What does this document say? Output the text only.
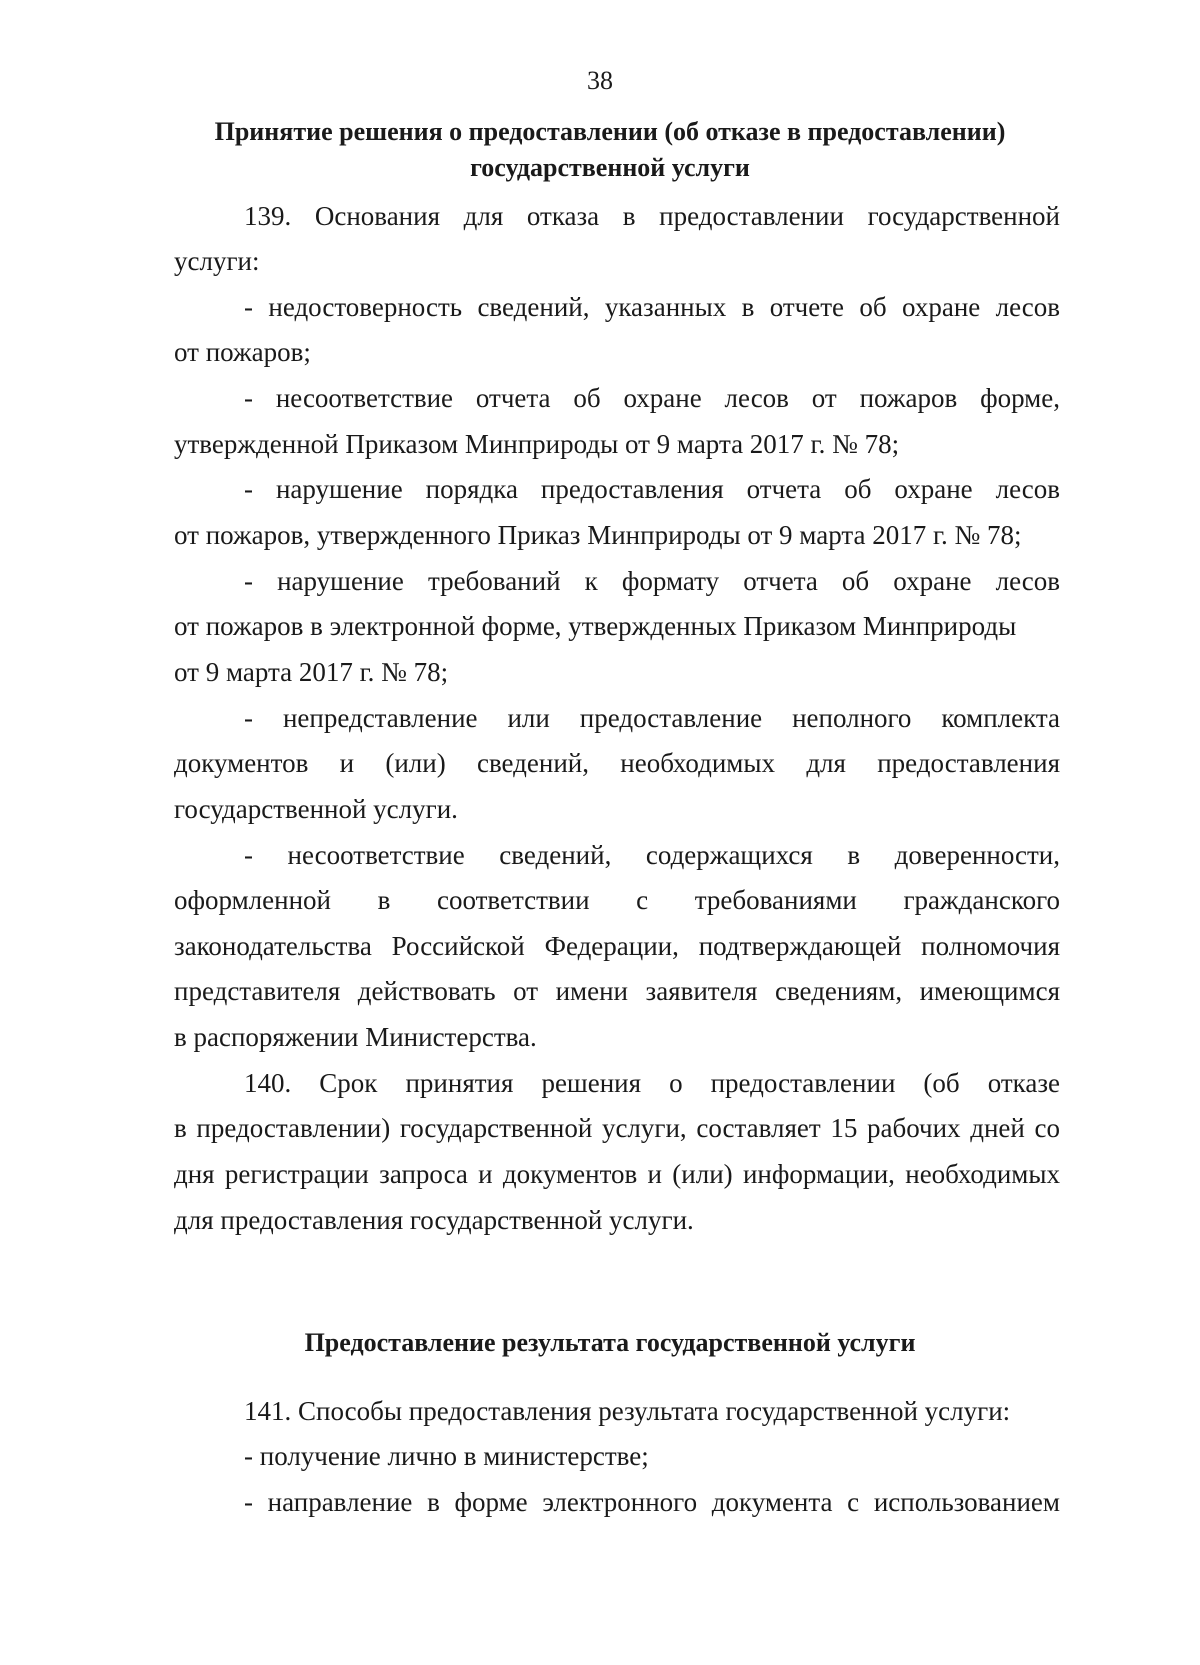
38
Принятие решения о предоставлении (об отказе в предоставлении)
государственной услуги
139. Основания для отказа в предоставлении государственной
услуги:
- недостоверность сведений, указанных в отчете об охране лесов
от пожаров;
- несоответствие отчета об охране лесов от пожаров форме,
утвержденной Приказом Минприроды от 9 марта 2017 г. № 78;
- нарушение порядка предоставления отчета об охране лесов
от пожаров, утвержденного Приказ Минприроды от 9 марта 2017 г. № 78;
- нарушение требований к формату отчета об охране лесов
от пожаров в электронной форме, утвержденных Приказом Минприроды
от 9 марта 2017 г. № 78;
- непредставление или предоставление неполного комплекта
документов и (или) сведений, необходимых для предоставления
государственной услуги.
- несоответствие сведений, содержащихся в доверенности,
оформленной в соответствии с требованиями гражданского
законодательства Российской Федерации, подтверждающей полномочия
представителя действовать от имени заявителя сведениям, имеющимся
в распоряжении Министерства.
140. Срок принятия решения о предоставлении (об отказе
в предоставлении) государственной услуги, составляет 15 рабочих дней со
дня регистрации запроса и документов и (или) информации, необходимых
для предоставления государственной услуги.
Предоставление результата государственной услуги
141. Способы предоставления результата государственной услуги:
- получение лично в министерстве;
- направление в форме электронного документа с использованием
